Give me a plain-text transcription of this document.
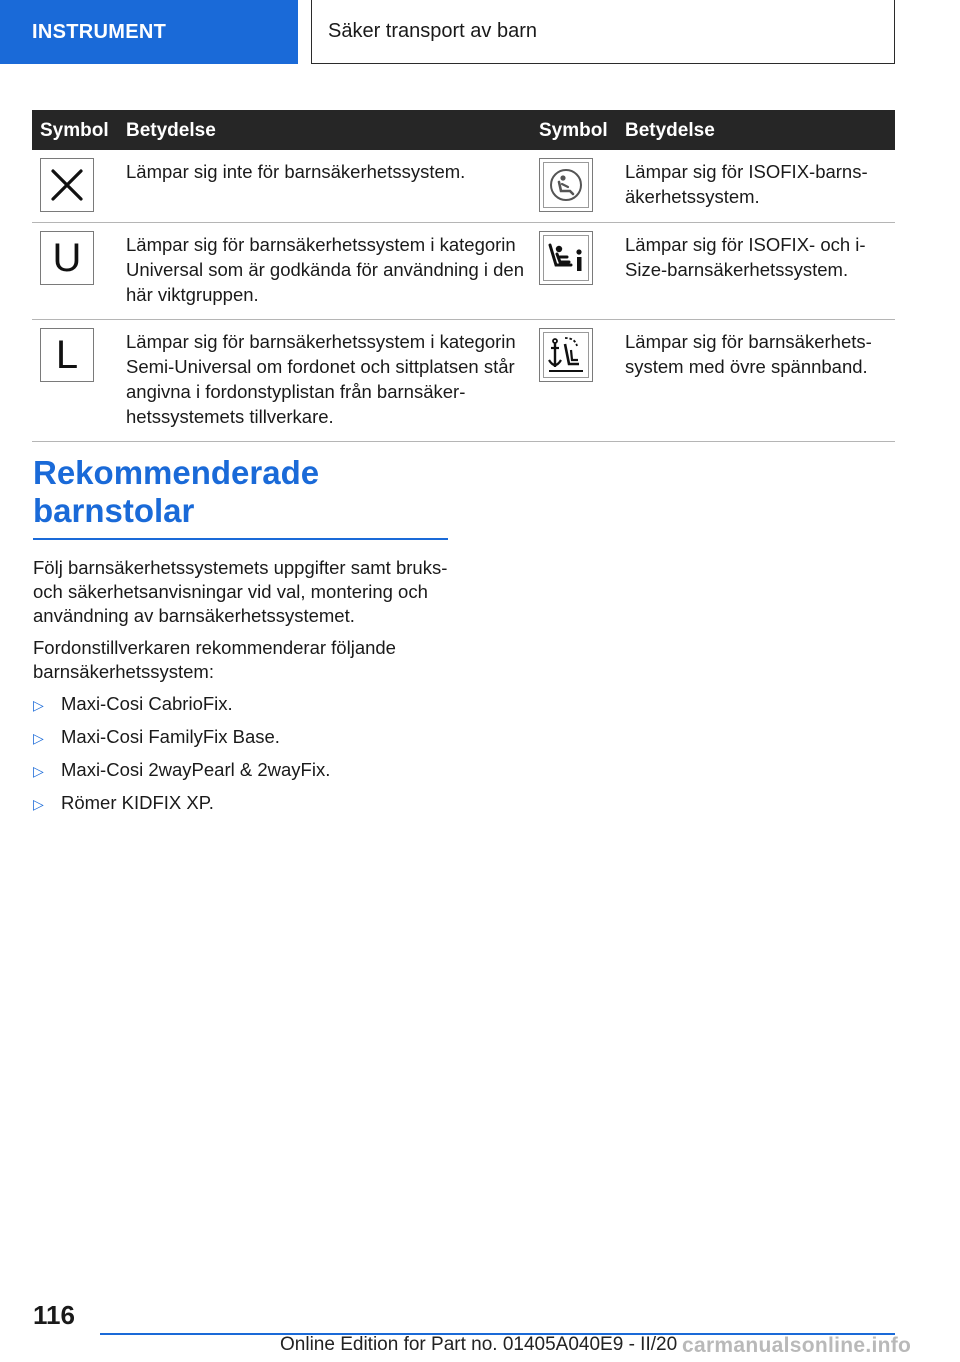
INSTRUMENT	Säker transport av barn
Symbol	Betydelse	Symbol	Betydelse

	Lämpar sig inte för barnsäkerhetssystem.		Lämpar sig för ISOFIX-barnsäkerhetssystem.

U	Lämpar sig för barnsäkerhetssystem i kategorin Universal som är godkända för användning i den här viktgruppen.		Lämpar sig för ISOFIX- och i-Size-barnsäkerhetssystem.

L	Lämpar sig för barnsäkerhetssystem i kategorin Semi-Universal om fordonet och sittplatsen står angivna i fordonstyplistan från barnsäkerhetssystemets tillverkare.		Lämpar sig för barnsäkerhetssystem med övre spännband.
Rekommenderade barnstolar

Följ barnsäkerhetssystemets uppgifter samt bruks- och säkerhetsanvisningar vid val, montering och användning av barnsäkerhetssystemet.

Fordonstillverkaren rekommenderar följande barnsäkerhetssystem:

▷ Maxi-Cosi CabrioFix.
▷ Maxi-Cosi FamilyFix Base.
▷ Maxi-Cosi 2wayPearl & 2wayFix.
▷ Römer KIDFIX XP.
116
Online Edition for Part no. 01405A040E9 - II/20 carmanualsonline.info
